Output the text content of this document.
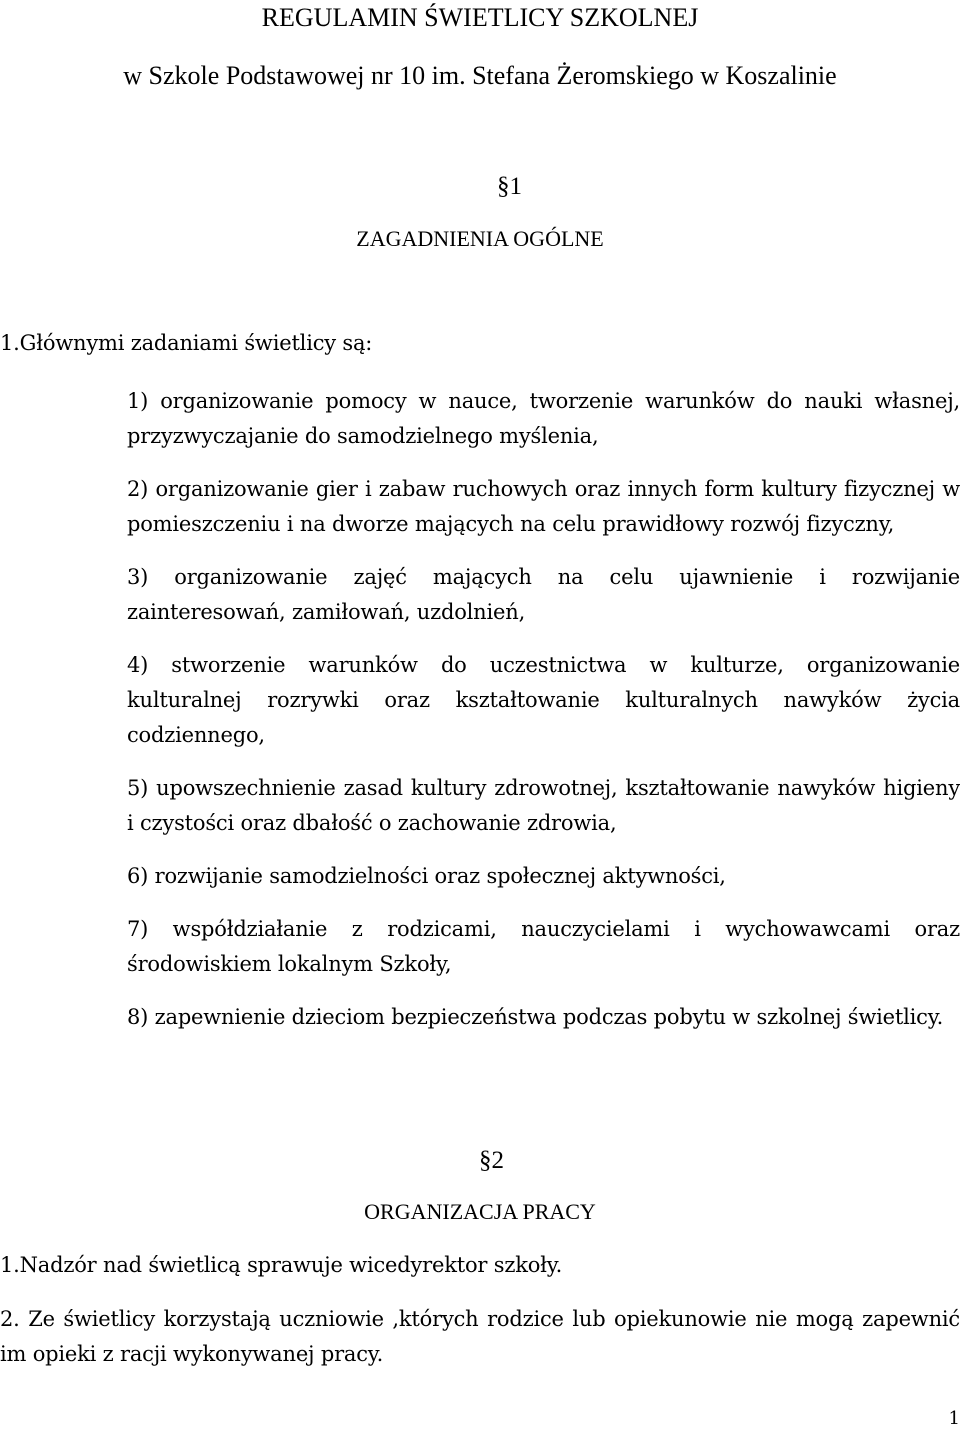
REGULAMIN ŚWIETLICY SZKOLNEJ
w Szkole Podstawowej nr 10 im. Stefana Żeromskiego w Koszalinie
§1
ZAGADNIENIA OGÓLNE

1.Głównymi zadaniami świetlicy są:

1) organizowanie pomocy w nauce, tworzenie warunków do nauki własnej, przyzwyczajanie do samodzielnego myślenia,

2) organizowanie gier i zabaw ruchowych oraz innych form kultury fizycznej w pomieszczeniu i na dworze mających na celu prawidłowy rozwój fizyczny,

3) organizowanie zajęć mających na celu ujawnienie i rozwijanie zainteresowań, zamiłowań, uzdolnień,

4) stworzenie warunków do uczestnictwa w kulturze, organizowanie kulturalnej rozrywki oraz kształtowanie kulturalnych nawyków życia codziennego,

5) upowszechnienie zasad kultury zdrowotnej, kształtowanie nawyków higieny i czystości oraz dbałość o zachowanie zdrowia,

6) rozwijanie samodzielności oraz społecznej aktywności,

7) współdziałanie z rodzicami, nauczycielami i wychowawcami oraz środowiskiem lokalnym Szkoły,

8) zapewnienie dzieciom bezpieczeństwa podczas pobytu w szkolnej świetlicy.

§2
ORGANIZACJA PRACY

1.Nadzór nad świetlicą sprawuje wicedyrektor szkoły.

2. Ze świetlicy korzystają uczniowie ,których rodzice lub opiekunowie nie mogą zapewnić im opieki z racji wykonywanej pracy.

1
